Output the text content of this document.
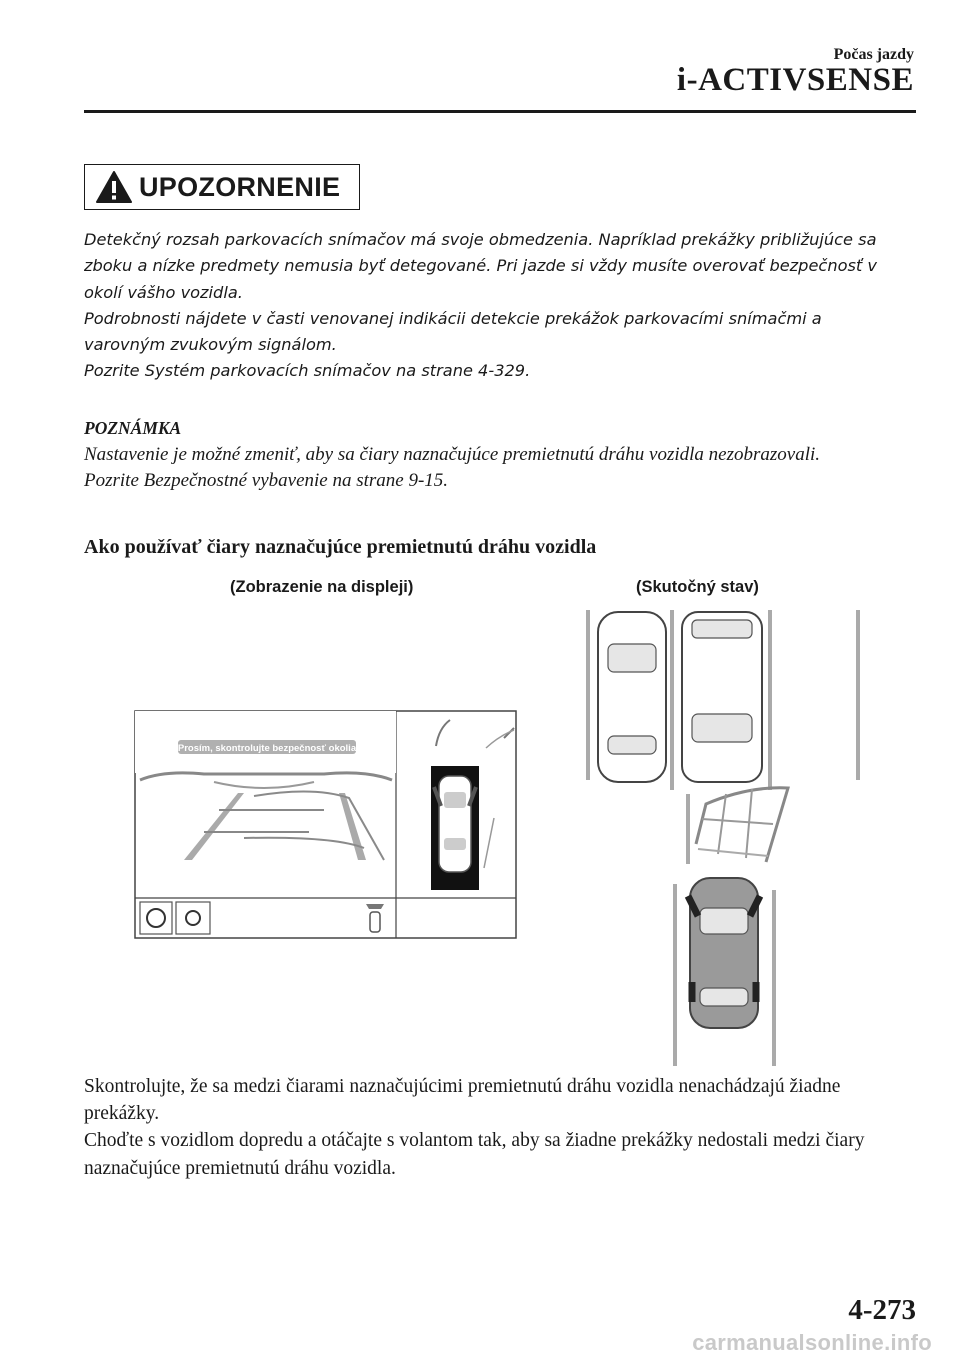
Počas jazdy
i-ACTIVSENSE
UPOZORNENIE

Detekčný rozsah parkovacích snímačov má svoje obmedzenia. Napríklad prekážky približujúce sa zboku a nízke predmety nemusia byť detegované. Pri jazde si vždy musíte overovať bezpečnosť v okolí vášho vozidla.

Podrobnosti nájdete v časti venovanej indikácii detekcie prekážok parkovacími snímačmi a varovným zvukovým signálom.

Pozrite Systém parkovacích snímačov na strane 4-329.

POZNÁMKA

Nastavenie je možné zmeniť, aby sa čiary naznačujúce premietnutú dráhu vozidla nezobrazovali.

Pozrite Bezpečnostné vybavenie na strane 9-15.

Ako používať čiary naznačujúce premietnutú dráhu vozidla
(Zobrazenie na displeji)	(Skutočný stav)
Prosím, skontrolujte bezpečnosť okolia

Skontrolujte, že sa medzi čiarami naznačujúcimi premietnutú dráhu vozidla nenachádzajú žiadne prekážky.

Choďte s vozidlom dopredu a otáčajte s volantom tak, aby sa žiadne prekážky nedostali medzi čiary naznačujúce premietnutú dráhu vozidla.

4-273
carmanualsonline.info
